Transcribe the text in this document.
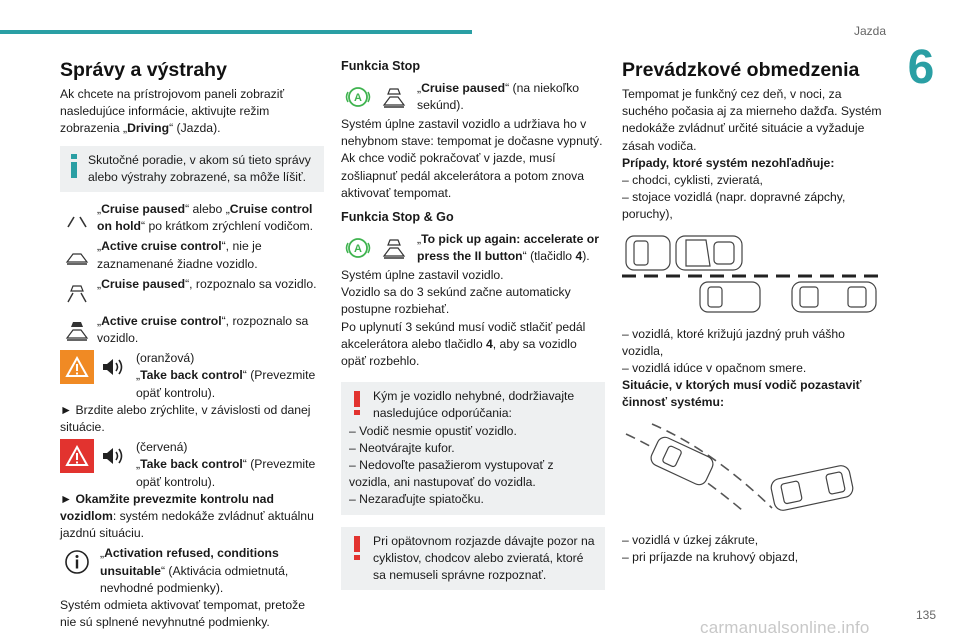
Jazda
6
Správy a výstrahy

Ak chcete na prístrojovom paneli zobraziť nasledujúce informácie, aktivujte režim zobrazenia „Driving“ (Jazda).

Skutočné poradie, v akom sú tieto správy alebo výstrahy zobrazené, sa môže líšiť.

„Cruise paused“ alebo „Cruise control on hold“ po krátkom zrýchlení vodičom.

„Active cruise control“, nie je zaznamenané žiadne vozidlo.

„Cruise paused“, rozpoznalo sa vozidlo.

„Active cruise control“, rozpoznalo sa vozidlo.

(oranžová)

„Take back control“ (Prevezmite opäť kontrolu).

► Brzdite alebo zrýchlite, v závislosti od danej situácie.

(červená)

„Take back control“ (Prevezmite opäť kontrolu).

► Okamžite prevezmite kontrolu nad vozidlom: systém nedokáže zvládnuť aktuálnu jazdnú situáciu.

„Activation refused, conditions unsuitable“ (Aktivácia odmietnutá, nevhodné podmienky).

Systém odmieta aktivovať tempomat, pretože nie sú splnené nevyhnutné podmienky.

Funkcia Stop
A

„Cruise paused“ (na niekoľko sekúnd).

Systém úplne zastavil vozidlo a udržiava ho v nehybnom stave: tempomat je dočasne vypnutý. Ak chce vodič pokračovať v jazde, musí zošliapnuť pedál akcelerátora a potom znova aktivovať tempomat.

Funkcia Stop & Go
A

„To pick up again: accelerate or press the II button“ (tlačidlo 4).

Systém úplne zastavil vozidlo.

Vozidlo sa do 3 sekúnd začne automaticky postupne rozbiehať.

Po uplynutí 3 sekúnd musí vodič stlačiť pedál akcelerátora alebo tlačidlo 4, aby sa vozidlo opäť rozbehlo.

Kým je vozidlo nehybné, dodržiavajte nasledujúce odporúčania:

– Vodič nesmie opustiť vozidlo.

– Neotvárajte kufor.

– Nedovoľte pasažierom vystupovať z vozidla, ani nastupovať do vozidla.

– Nezaraďujte spiatočku.

Pri opätovnom rozjazde dávajte pozor na cyklistov, chodcov alebo zvieratá, ktoré sa nemuseli správne rozpoznať.

Prevádzkové obmedzenia

Tempomat je funkčný cez deň, v noci, za suchého počasia aj za mierneho dažďa. Systém nedokáže zvládnuť určité situácie a vyžaduje zásah vodiča.

Prípady, ktoré systém nezohľadňuje:

– chodci, cyklisti, zvieratá,

– stojace vozidlá (napr. dopravné zápchy, poruchy),

– vozidlá, ktoré križujú jazdný pruh vášho vozidla,

– vozidlá idúce v opačnom smere.

Situácie, v ktorých musí vodič pozastaviť činnosť systému:

– vozidlá v úzkej zákrute,

– pri príjazde na kruhový objazd,

135
carmanualsonline.info
